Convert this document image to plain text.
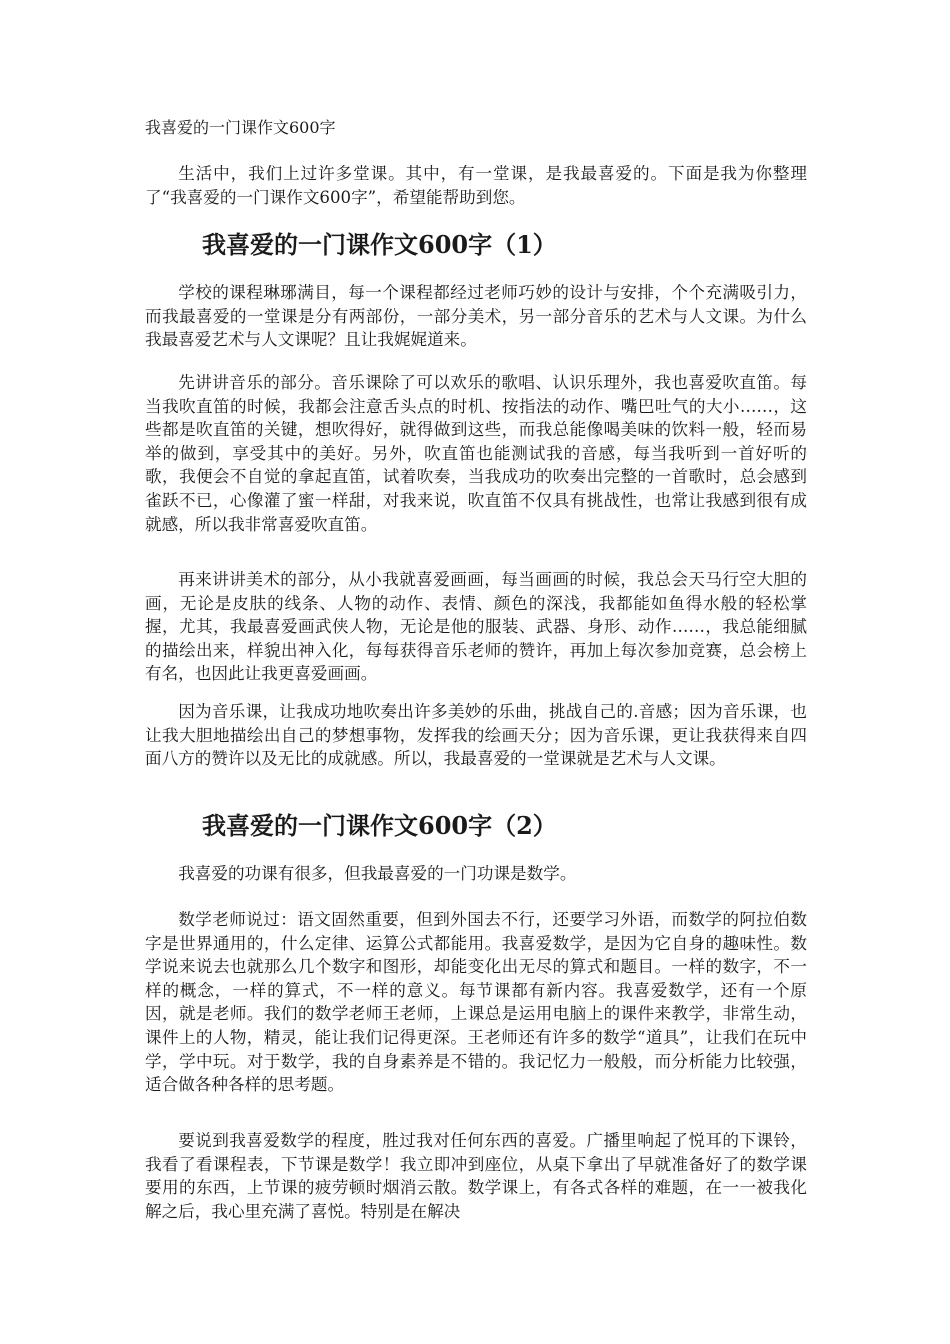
我喜爱的一门课作文600字

生活中，我们上过许多堂课。其中，有一堂课，是我最喜爱的。下面是我为你整理了“我喜爱的一门课作文600字”，希望能帮助到您。

我喜爱的一门课作文600字（1）

学校的课程琳琊满目，每一个课程都经过老师巧妙的设计与安排，个个充满吸引力，而我最喜爱的一堂课是分有两部份，一部分美术，另一部分音乐的艺术与人文课。为什么我最喜爱艺术与人文课呢？且让我娓娓道来。

先讲讲音乐的部分。音乐课除了可以欢乐的歌唱、认识乐理外，我也喜爱吹直笛。每当我吹直笛的时候，我都会注意舌头点的时机、按指法的动作、嘴巴吐气的大小……，这些都是吹直笛的关键，想吹得好，就得做到这些，而我总能像喝美味的饮料一般，轻而易举的做到，享受其中的美好。另外，吹直笛也能测试我的音感，每当我听到一首好听的歌，我便会不自觉的拿起直笛，试着吹奏，当我成功的吹奏出完整的一首歌时，总会感到雀跃不已，心像灌了蜜一样甜，对我来说，吹直笛不仅具有挑战性，也常让我感到很有成就感，所以我非常喜爱吹直笛。

再来讲讲美术的部分，从小我就喜爱画画，每当画画的时候，我总会天马行空大胆的画，无论是皮肤的线条、人物的动作、表情、颜色的深浅，我都能如鱼得水般的轻松掌握，尤其，我最喜爱画武侠人物，无论是他的服装、武器、身形、动作……，我总能细腻的描绘出来，样貌出神入化，每每获得音乐老师的赞许，再加上每次参加竞赛，总会榜上有名，也因此让我更喜爱画画。

因为音乐课，让我成功地吹奏出许多美妙的乐曲，挑战自己的.音感；因为音乐课，也让我大胆地描绘出自己的梦想事物，发挥我的绘画天分；因为音乐课，更让我获得来自四面八方的赞许以及无比的成就感。所以，我最喜爱的一堂课就是艺术与人文课。

我喜爱的一门课作文600字（2）

我喜爱的功课有很多，但我最喜爱的一门功课是数学。

数学老师说过：语文固然重要，但到外国去不行，还要学习外语，而数学的阿拉伯数字是世界通用的，什么定律、运算公式都能用。我喜爱数学，是因为它自身的趣味性。数学说来说去也就那么几个数字和图形，却能变化出无尽的算式和题目。一样的数字，不一样的概念，一样的算式，不一样的意义。每节课都有新内容。我喜爱数学，还有一个原因，就是老师。我们的数学老师王老师，上课总是运用电脑上的课件来教学，非常生动，课件上的人物，精灵，能让我们记得更深。王老师还有许多的数学“道具”，让我们在玩中学，学中玩。对于数学，我的自身素养是不错的。我记忆力一般般，而分析能力比较强，适合做各种各样的思考题。

要说到我喜爱数学的程度，胜过我对任何东西的喜爱。广播里响起了悦耳的下课铃，我看了看课程表，下节课是数学！我立即冲到座位，从桌下拿出了早就准备好了的数学课要用的东西，上节课的疲劳顿时烟消云散。数学课上，有各式各样的难题，在一一被我化解之后，我心里充满了喜悦。特别是在解决
